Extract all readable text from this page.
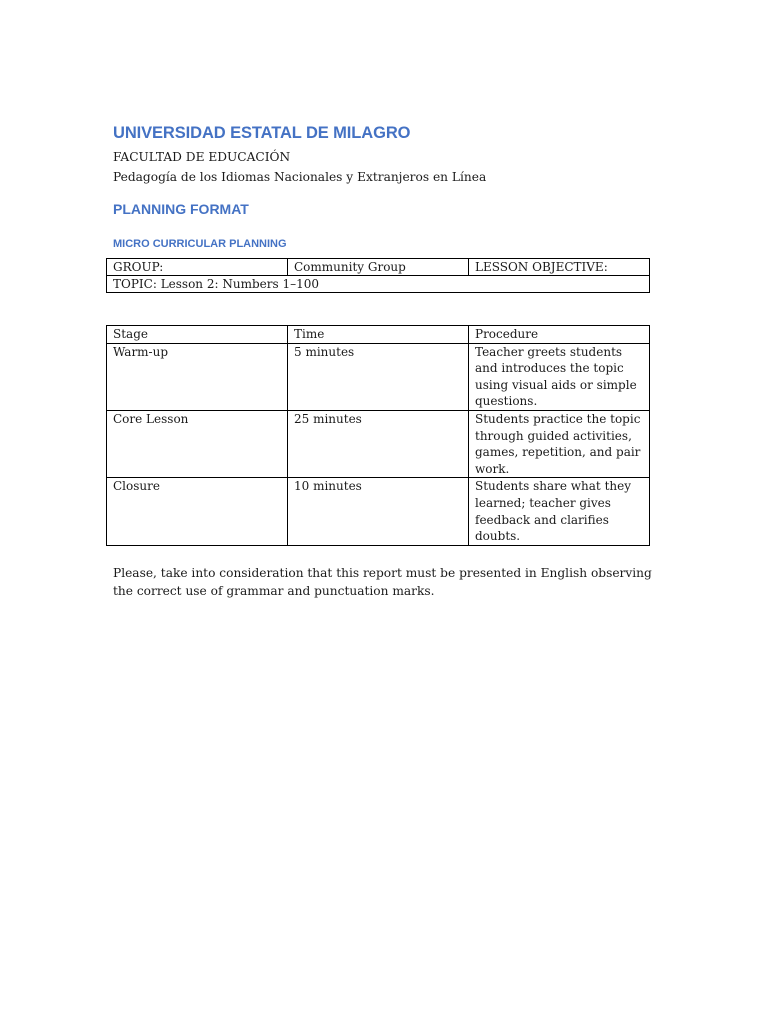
UNIVERSIDAD ESTATAL DE MILAGRO

FACULTAD DE EDUCACIÓN

Pedagogía de los Idiomas Nacionales y Extranjeros en Línea

PLANNING FORMAT
MICRO CURRICULAR PLANNING
GROUP:	Community Group	LESSON OBJECTIVE:
TOPIC: Lesson 2: Numbers 1–100
Stage	Time	Procedure
Warm-up	5 minutes	Teacher greets students and introduces the topic using visual aids or simple questions.
Core Lesson	25 minutes	Students practice the topic through guided activities, games, repetition, and pair work.
Closure	10 minutes	Students share what they learned; teacher gives feedback and clarifies doubts.

Please, take into consideration that this report must be presented in English observing the correct use of grammar and punctuation marks.
